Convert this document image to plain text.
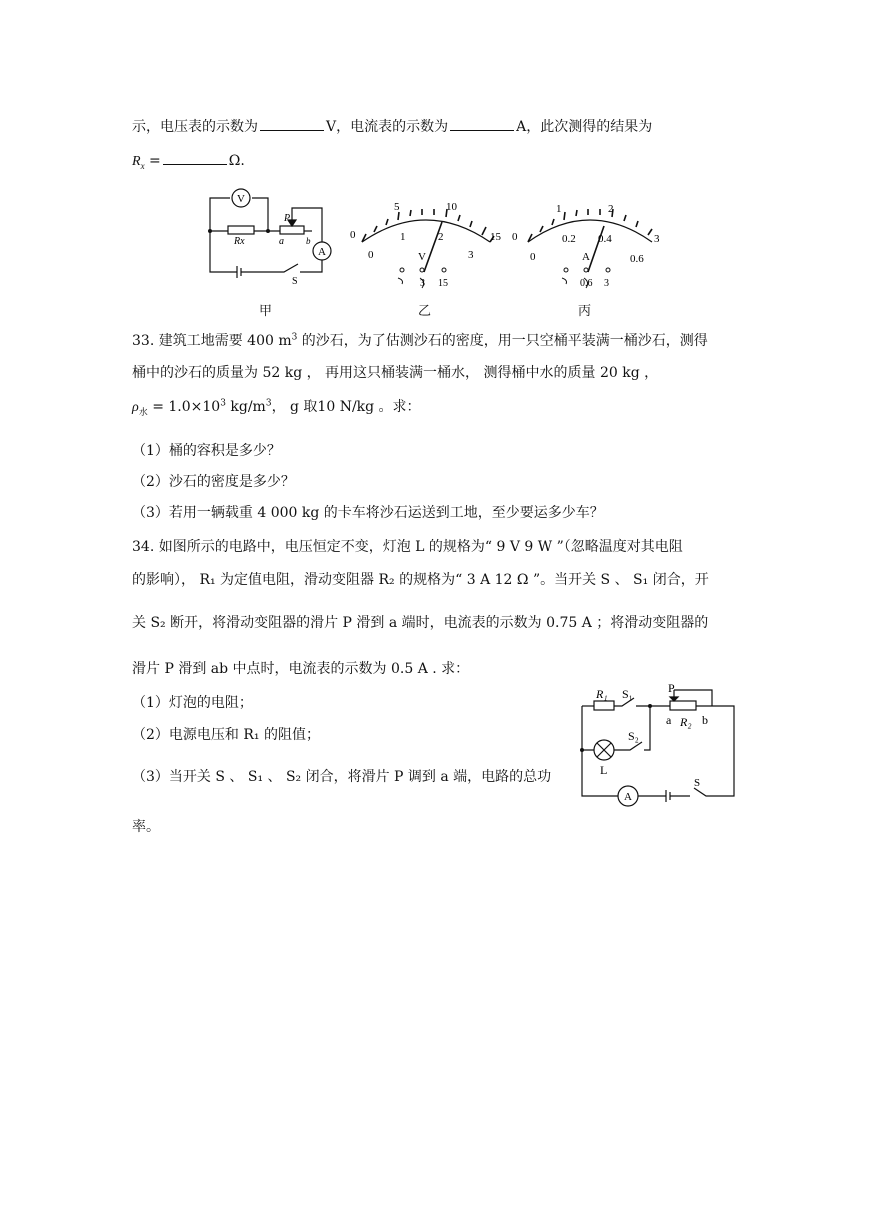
示，电压表的示数为	V，电流表的示数为	A，此次测得的结果为
$R_x$ =	Ω.
V
A
Rx
P
a b
S
甲
0
5	10
15
0
1	2
3
V
3 15
乙
0
1	2
3
0
0.2 0.4
0.6
A
0.6 3
丙
33. 建筑工地需要 400 $m^3$ 的沙石，为了估测沙石的密度，用一只空桶平装满一桶沙石，测得
桶中的沙石的质量为 52 kg ， 再用这只桶装满一桶水， 测得桶中水的质量 20 kg ，
$\rho_水 = 1.0\times 10^3$ $kg/m^3$， g 取10 N/kg 。求：
（1）桶的容积是多少？
（2）沙石的密度是多少？
（3）若用一辆载重 4 000 kg 的卡车将沙石运送到工地，至少要运多少车？
34. 如图所示的电路中，电压恒定不变，灯泡 L 的规格为“ 9 V 9 W ”（忽略温度对其电阻
的影响）， R₁ 为定值电阻，滑动变阻器 R₂ 的规格为“ 3 A 12 Ω ”。当开关 S 、 S₁ 闭合，开
关 S₂ 断开，将滑动变阻器的滑片 P 滑到 a 端时，电流表的示数为 0.75 A ；将滑动变阻器的
滑片 P 滑到 ab 中点时，电流表的示数为 0.5 A . 求：
（1）灯泡的电阻；
（2）电源电压和 R₁ 的阻值；
（3）当开关 S 、 S₁ 、 S₂ 闭合，将滑片 P 调到 a 端，电路的总功
率。
R₁ S₁	P
a R₂ b
S₂
L
A
S
